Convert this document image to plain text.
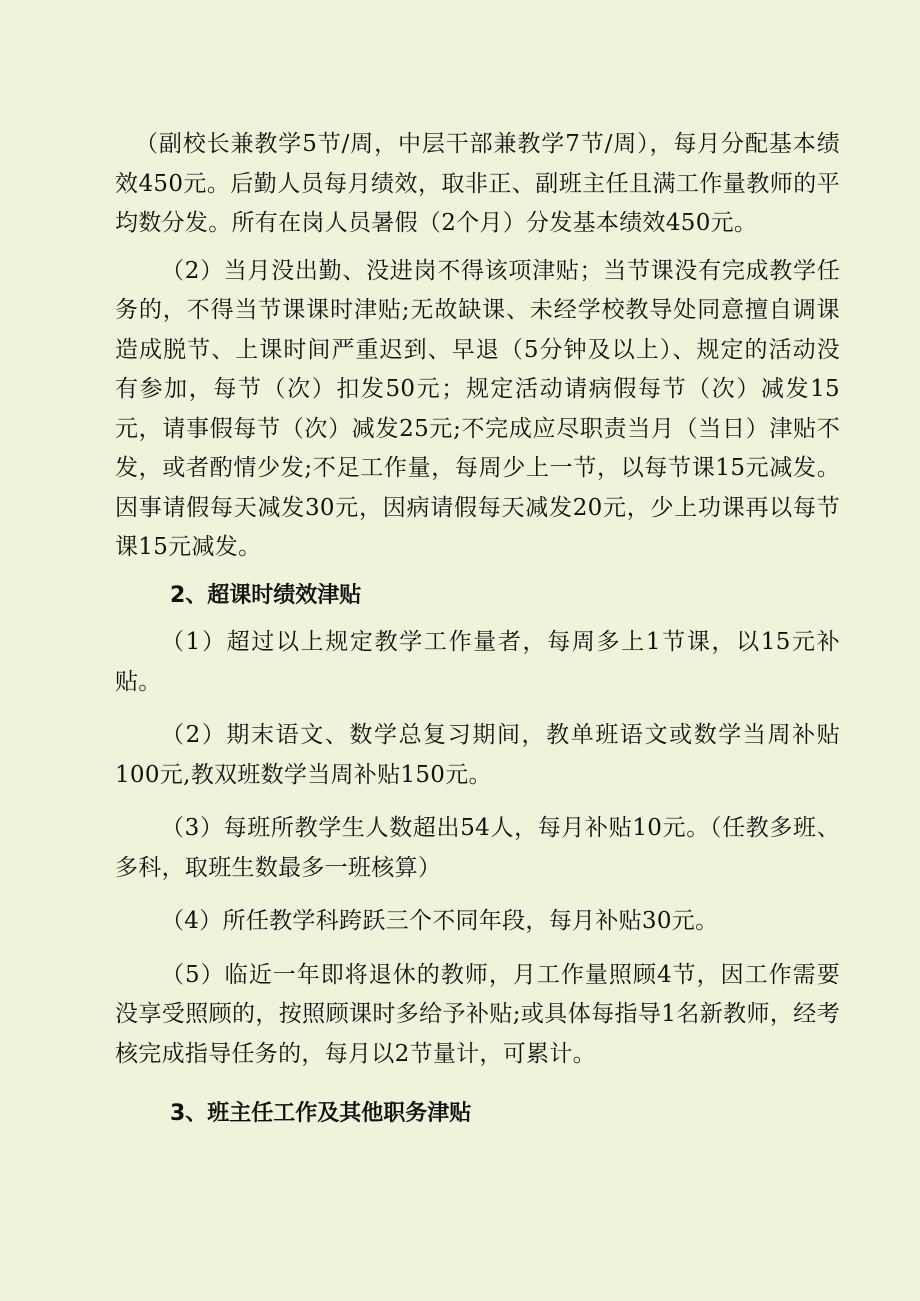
（副校长兼教学5节/周，中层干部兼教学7节/周），每月分配基本绩效450元。后勤人员每月绩效，取非正、副班主任且满工作量教师的平均数分发。所有在岗人员暑假（2个月）分发基本绩效450元。

（2）当月没出勤、没进岗不得该项津贴；当节课没有完成教学任务的，不得当节课课时津贴;无故缺课、未经学校教导处同意擅自调课造成脱节、上课时间严重迟到、早退（5分钟及以上）、规定的活动没有参加，每节（次）扣发50元；规定活动请病假每节（次）减发15元，请事假每节（次）减发25元;不完成应尽职责当月（当日）津贴不发，或者酌情少发;不足工作量，每周少上一节，以每节课15元减发。因事请假每天减发30元，因病请假每天减发20元，少上功课再以每节课15元减发。

2、超课时绩效津贴

（1）超过以上规定教学工作量者，每周多上1节课，以15元补贴。

（2）期末语文、数学总复习期间，教单班语文或数学当周补贴100元,教双班数学当周补贴150元。

（3）每班所教学生人数超出54人，每月补贴10元。（任教多班、多科，取班生数最多一班核算）

（4）所任教学科跨跃三个不同年段，每月补贴30元。

（5）临近一年即将退休的教师，月工作量照顾4节，因工作需要没享受照顾的，按照顾课时多给予补贴;或具体每指导1名新教师，经考核完成指导任务的，每月以2节量计，可累计。

3、班主任工作及其他职务津贴
